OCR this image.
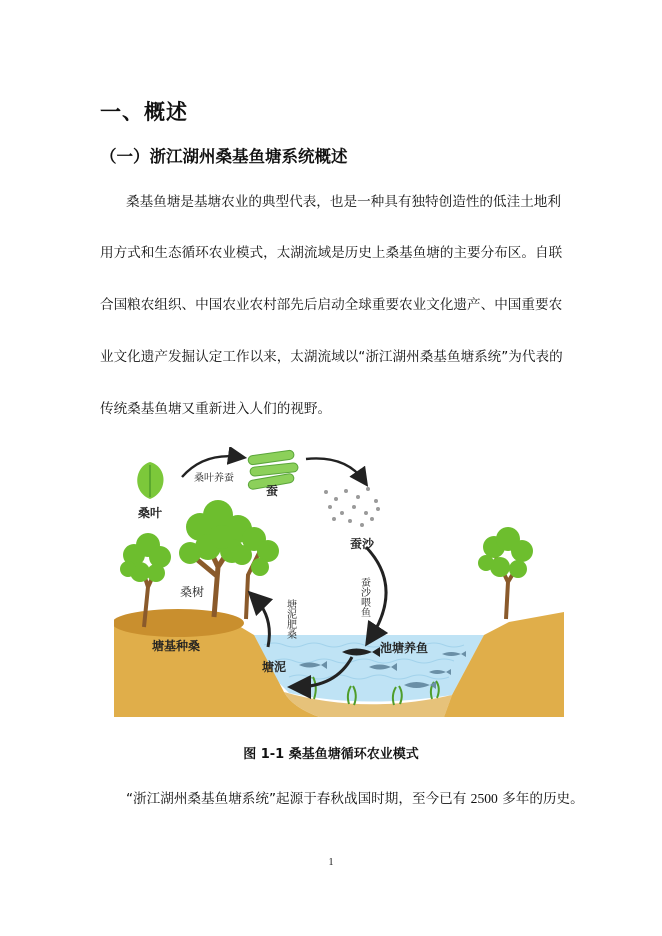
一、概述
（一）浙江湖州桑基鱼塘系统概述
桑基鱼塘是基塘农业的典型代表，也是一种具有独特创造性的低洼土地利
用方式和生态循环农业模式，太湖流域是历史上桑基鱼塘的主要分布区。自联
合国粮农组织、中国农业农村部先后启动全球重要农业文化遗产、中国重要农
业文化遗产发掘认定工作以来，太湖流域以“浙江湖州桑基鱼塘系统”为代表的
传统桑基鱼塘又重新进入人们的视野。
桑叶
桑叶养蚕
蚕
蚕沙
蚕沙喂鱼
池塘养鱼
塘泥
塘泥肥桑
桑树
塘基种桑
图 1-1 桑基鱼塘循环农业模式
“浙江湖州桑基鱼塘系统”起源于春秋战国时期，至今已有 2500 多年的历史。
1
